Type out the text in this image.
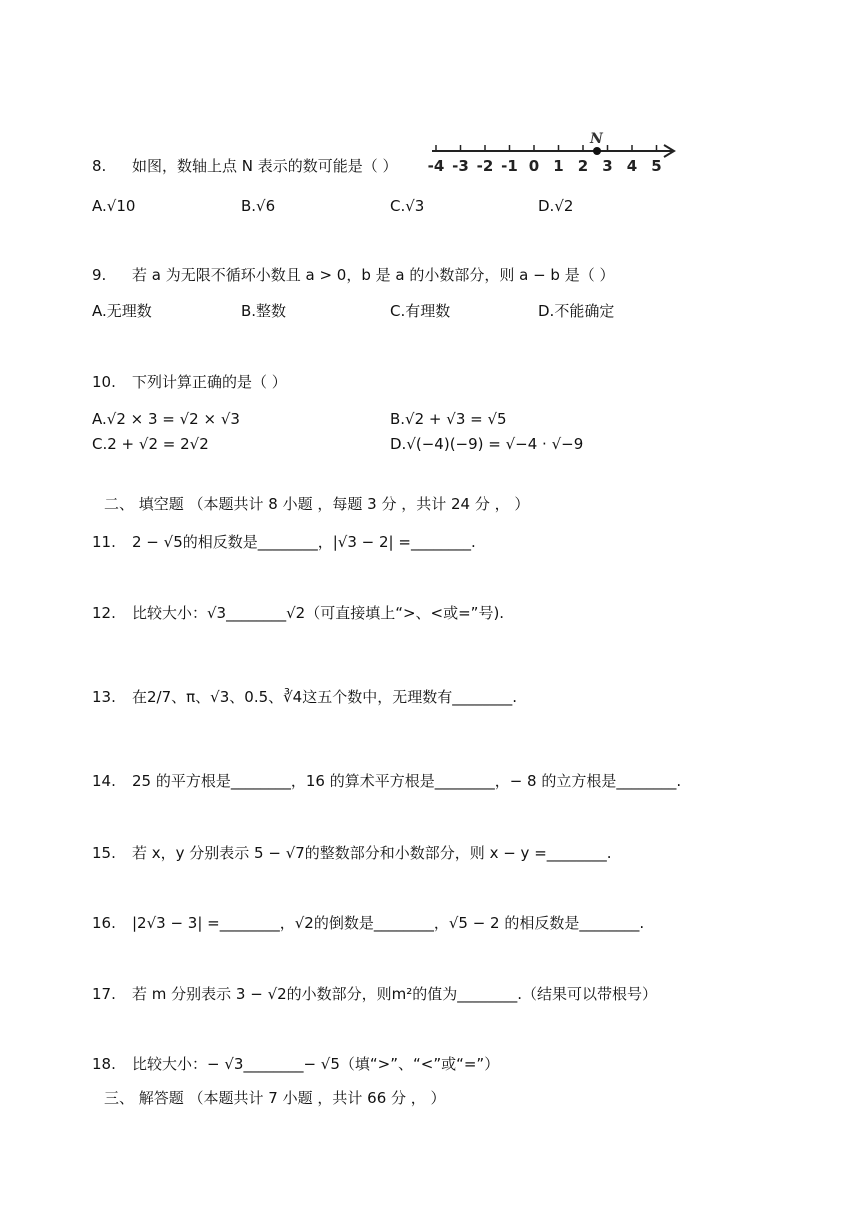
8. 如图，数轴上点 N 表示的数可能是（ ）
N
-4 -3 -2 -1 0 1 2 3 4 5
A.√10	B.√6	C.√3	D.√2
9. 若 a 为无限不循环小数且 a > 0，b 是 a 的小数部分，则 a − b 是（ ）
A.无理数	B.整数	C.有理数	D.不能确定
10. 下列计算正确的是（ ）
A.√2 × 3 = √2 × √3	B.√2 + √3 = √5
C.2 + √2 = 2√2	D.√(−4)(−9) = √−4 · √−9
二、 填空题 （本题共计 8 小题 ，每题 3 分 ，共计 24 分 ， ）
11. 2 − √5的相反数是________，|√3 − 2| =________.
12. 比较大小：√3________√2（可直接填上“>、<或=”号).
13. 在2/7、π、√3、0.5、∛4这五个数中，无理数有________.
14. 25 的平方根是________，16 的算术平方根是________，− 8 的立方根是________.
15. 若 x，y 分别表示 5 − √7的整数部分和小数部分，则 x − y =________.
16. |2√3 − 3| =________，√2的倒数是________，√5 − 2 的相反数是________.
17. 若 m 分别表示 3 − √2的小数部分，则m²的值为________.（结果可以带根号）
18. 比较大小：− √3________− √5（填“>”、“<”或“=”）
三、 解答题 （本题共计 7 小题 ，共计 66 分 ， ）
